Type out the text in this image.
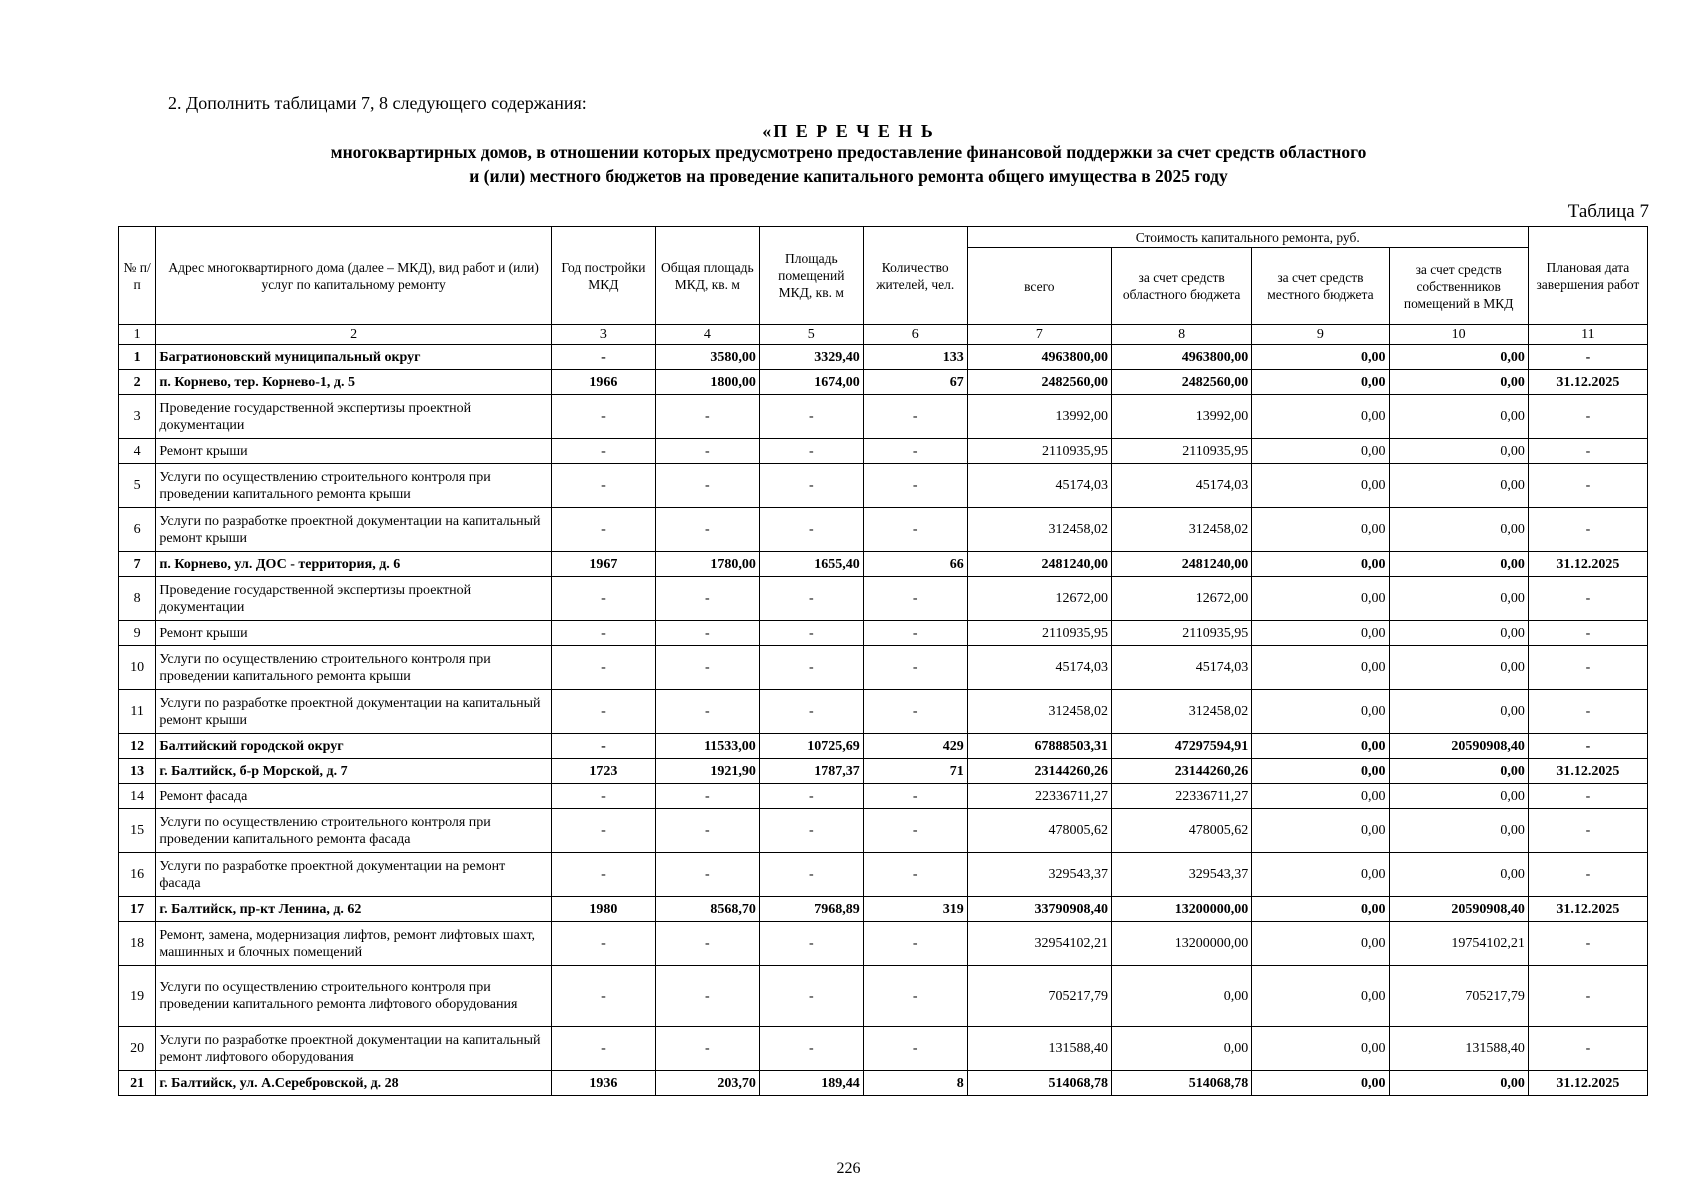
2. Дополнить таблицами 7, 8 следующего содержания:
«П Е Р Е Ч Е Н Ь
многоквартирных домов, в отношении которых предусмотрено предоставление финансовой поддержки за счет средств областного
и (или) местного бюджетов на проведение капитального ремонта общего имущества в 2025 году
Таблица 7
№ п/п	Адрес многоквартирного дома (далее – МКД), вид работ и (или) услуг по капитальному ремонту	Год постройки МКД	Общая площадь МКД, кв. м	Площадь помещений МКД, кв. м	Количество жителей, чел.	Стоимость капитального ремонта, руб.				Плановая дата завершения работ
						всего	за счет средств областного бюджета	за счет средств местного бюджета	за счет средств собственников помещений в МКД	
1	2	3	4	5	6	7	8	9	10	11
1	Багратионовский муниципальный округ	-	3580,00	3329,40	133	4963800,00	4963800,00	0,00	0,00	-
2	п. Корнево, тер. Корнево-1, д. 5	1966	1800,00	1674,00	67	2482560,00	2482560,00	0,00	0,00	31.12.2025
3	Проведение государственной экспертизы проектной документации	-	-	-	-	13992,00	13992,00	0,00	0,00	-
4	Ремонт крыши	-	-	-	-	2110935,95	2110935,95	0,00	0,00	-
5	Услуги по осуществлению строительного контроля при проведении капитального ремонта крыши	-	-	-	-	45174,03	45174,03	0,00	0,00	-
6	Услуги по разработке проектной документации на капитальный ремонт крыши	-	-	-	-	312458,02	312458,02	0,00	0,00	-
7	п. Корнево, ул. ДОС - территория, д. 6	1967	1780,00	1655,40	66	2481240,00	2481240,00	0,00	0,00	31.12.2025
8	Проведение государственной экспертизы проектной документации	-	-	-	-	12672,00	12672,00	0,00	0,00	-
9	Ремонт крыши	-	-	-	-	2110935,95	2110935,95	0,00	0,00	-
10	Услуги по осуществлению строительного контроля при проведении капитального ремонта крыши	-	-	-	-	45174,03	45174,03	0,00	0,00	-
11	Услуги по разработке проектной документации на капитальный ремонт крыши	-	-	-	-	312458,02	312458,02	0,00	0,00	-
12	Балтийский городской округ	-	11533,00	10725,69	429	67888503,31	47297594,91	0,00	20590908,40	-
13	г. Балтийск, б-р Морской, д. 7	1723	1921,90	1787,37	71	23144260,26	23144260,26	0,00	0,00	31.12.2025
14	Ремонт фасада	-	-	-	-	22336711,27	22336711,27	0,00	0,00	-
15	Услуги по осуществлению строительного контроля при проведении капитального ремонта фасада	-	-	-	-	478005,62	478005,62	0,00	0,00	-
16	Услуги по разработке проектной документации на ремонт фасада	-	-	-	-	329543,37	329543,37	0,00	0,00	-
17	г. Балтийск, пр-кт Ленина, д. 62	1980	8568,70	7968,89	319	33790908,40	13200000,00	0,00	20590908,40	31.12.2025
18	Ремонт, замена, модернизация лифтов, ремонт лифтовых шахт, машинных и блочных помещений	-	-	-	-	32954102,21	13200000,00	0,00	19754102,21	-
19	Услуги по осуществлению строительного контроля при проведении капитального ремонта лифтового оборудования	-	-	-	-	705217,79	0,00	0,00	705217,79	-
20	Услуги по разработке проектной документации на капитальный ремонт лифтового оборудования	-	-	-	-	131588,40	0,00	0,00	131588,40	-
21	г. Балтийск, ул. А.Серебровской, д. 28	1936	203,70	189,44	8	514068,78	514068,78	0,00	0,00	31.12.2025
226
